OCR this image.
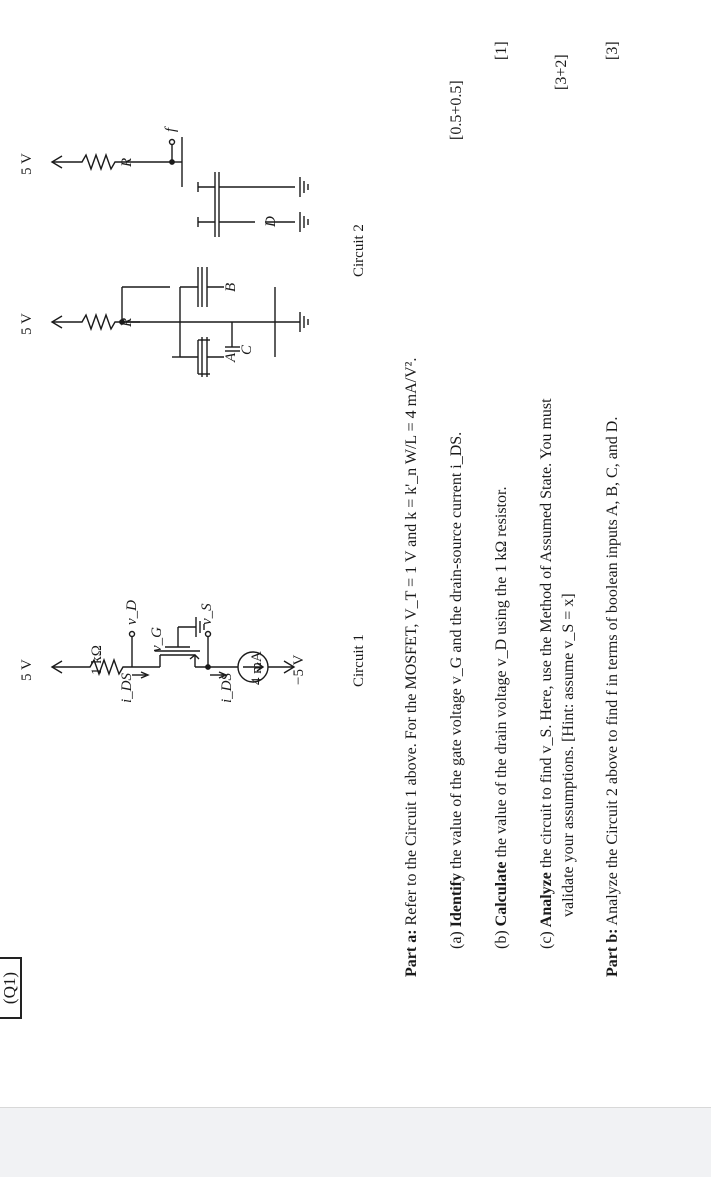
(Q1)
5 V	1 kΩ
v_D
i_DS
v_G
i_DS
v_S
4 mA −5 V	Circuit 1
5 V
5 V
R
R
f
A
B
C
D
Circuit 2
Part a: Refer to the Circuit 1 above. For the MOSFET, V_T = 1 V and k = k'_n W/L = 4 mA/V².
(a) Identify the value of the gate voltage v_G and the drain-source current i_DS.
[0.5+0.5]
(b) Calculate the value of the drain voltage v_D using the 1 kΩ resistor.
[1]
(c) Analyze the circuit to find v_S. Here, use the Method of Assumed State. You must validate your assumptions. [Hint: assume v_S = x]
[3+2]
Part b: Analyze the Circuit 2 above to find f in terms of boolean inputs A, B, C, and D.
[3]
